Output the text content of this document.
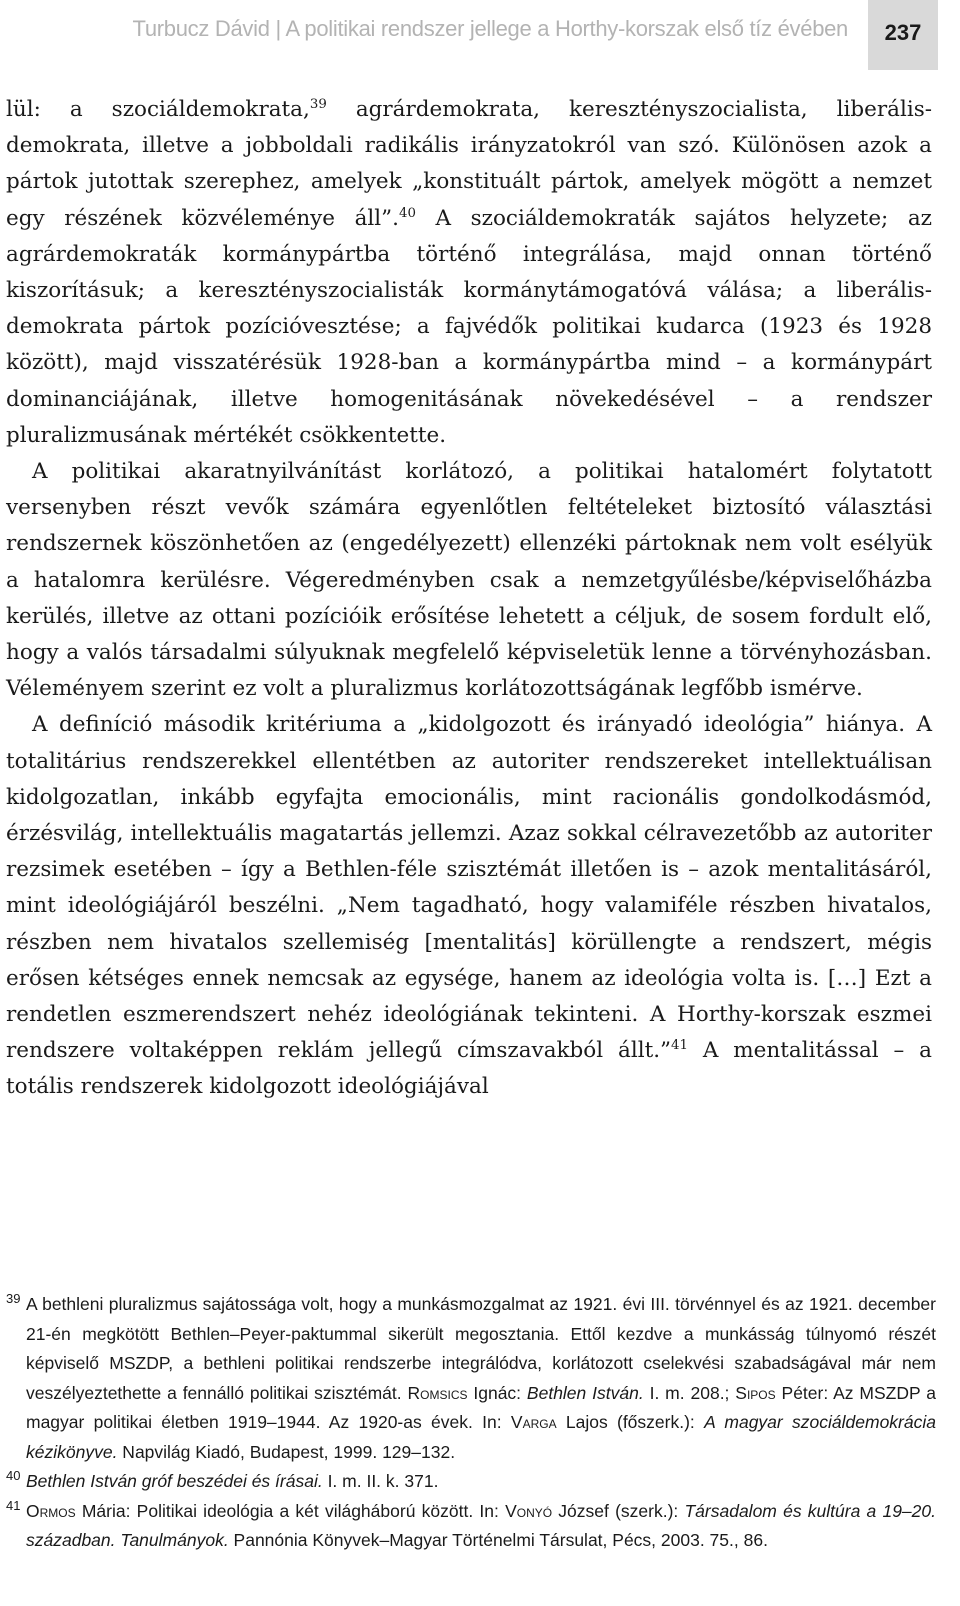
Turbucz Dávid | A politikai rendszer jellege a Horthy-korszak első tíz évében	237

lül: a szociáldemokrata,$^{39}$ agrárdemokrata, keresztényszocialista, liberális-demokrata, illetve a jobboldali radikális irányzatokról van szó. Különösen azok a pártok jutottak szerephez, amelyek „konstituált pártok, amelyek mögött a nemzet egy részének közvéleménye áll”.$^{40}$ A szociáldemokraták sajátos helyzete; az agrárdemokraták kormánypártba történő integrálása, majd onnan történő kiszorításuk; a keresztényszocialisták kormánytámogatóvá válása; a liberális-demokrata pártok pozícióvesztése; a fajvédők politikai kudarca (1923 és 1928 között), majd visszatérésük 1928-ban a kormánypártba mind – a kormánypárt dominanciájának, illetve homogenitásának növekedésével – a rendszer pluralizmusának mértékét csökkentette.

A politikai akaratnyilvánítást korlátozó, a politikai hatalomért folytatott versenyben részt vevők számára egyenlőtlen feltételeket biztosító választási rendszernek köszönhetően az (engedélyezett) ellenzéki pártoknak nem volt esélyük a hatalomra kerülésre. Végeredményben csak a nemzetgyűlésbe/képviselőházba kerülés, illetve az ottani pozícióik erősítése lehetett a céljuk, de sosem fordult elő, hogy a valós társadalmi súlyuknak megfelelő képviseletük lenne a törvényhozásban. Véleményem szerint ez volt a pluralizmus korlátozottságának legfőbb ismérve.

A definíció második kritériuma a „kidolgozott és irányadó ideológia” hiánya. A totalitárius rendszerekkel ellentétben az autoriter rendszereket intellektuálisan kidolgozatlan, inkább egyfajta emocionális, mint racionális gondolkodásmód, érzésvilág, intellektuális magatartás jellemzi. Azaz sokkal célravezetőbb az autoriter rezsimek esetében – így a Bethlen-féle szisztémát illetően is – azok mentalitásáról, mint ideológiájáról beszélni. „Nem tagadható, hogy valamiféle részben hivatalos, részben nem hivatalos szellemiség [mentalitás] körüllengte a rendszert, mégis erősen kétséges ennek nemcsak az egysége, hanem az ideológia volta is. […] Ezt a rendetlen eszmerendszert nehéz ideológiának tekinteni. A Horthy-korszak eszmei rendszere voltaképpen reklám jellegű címszavakból állt.”$^{41}$ A mentalitással – a totális rendszerek kidolgozott ideológiájával

39 A bethleni pluralizmus sajátossága volt, hogy a munkásmozgalmat az 1921. évi III. törvénnyel és az 1921. december 21-én megkötött Bethlen–Peyer-paktummal sikerült megosztania. Ettől kezdve a munkásság túlnyomó részét képviselő MSZDP, a bethleni politikai rendszerbe integrálódva, korlátozott cselekvési szabadságával már nem veszélyeztethette a fennálló politikai szisztémát. Romsics Ignác: Bethlen István. I. m. 208.; Sipos Péter: Az MSZDP a magyar politikai életben 1919–1944. Az 1920-as évek. In: Varga Lajos (főszerk.): A magyar szociáldemokrácia kézikönyve. Napvilág Kiadó, Budapest, 1999. 129–132.
40 Bethlen István gróf beszédei és írásai. I. m. II. k. 371.
41 Ormos Mária: Politikai ideológia a két világháború között. In: Vonyó József (szerk.): Társadalom és kultúra a 19–20. században. Tanulmányok. Pannónia Könyvek–Magyar Történelmi Társulat, Pécs, 2003. 75., 86.
